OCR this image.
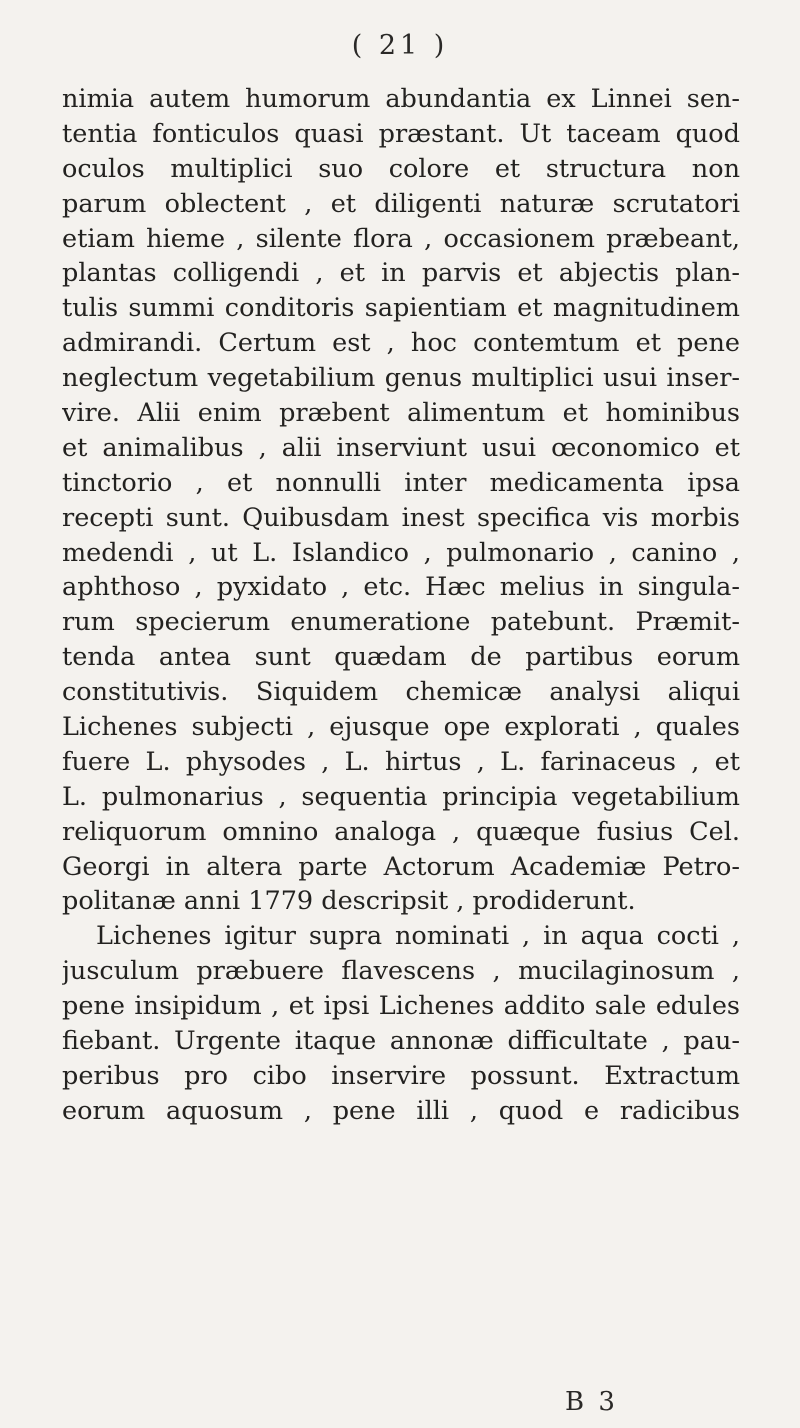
( 21 )
nimia autem humorum abundantia ex Linnei sen-
tentia fonticulos quasi præstant. Ut taceam quod
oculos multiplici suo colore et structura non
parum oblectent , et diligenti naturæ scrutatori
etiam hieme , silente flora , occasionem præbeant,
plantas colligendi , et in parvis et abjectis plan-
tulis summi conditoris sapientiam et magnitudinem
admirandi. Certum est , hoc contemtum et pene
neglectum vegetabilium genus multiplici usui inser-
vire. Alii enim præbent alimentum et hominibus
et animalibus , alii inserviunt usui œconomico et
tinctorio , et nonnulli inter medicamenta ipsa
recepti sunt. Quibusdam inest specifica vis morbis
medendi , ut L. Islandico , pulmonario , canino ,
aphthoso , pyxidato , etc. Hæc melius in singula-
rum specierum enumeratione patebunt. Præmit-
tenda antea sunt quædam de partibus eorum
constitutivis. Siquidem chemicæ analysi aliqui
Lichenes subjecti , ejusque ope explorati , quales
fuere L. physodes , L. hirtus , L. farinaceus , et
L. pulmonarius , sequentia principia vegetabilium
reliquorum omnino analoga , quæque fusius Cel.
Georgi in altera parte Actorum Academiæ Petro-
politanæ anni 1779 descripsit , prodiderunt.
Lichenes igitur supra nominati , in aqua cocti ,
jusculum præbuere flavescens , mucilaginosum ,
pene insipidum , et ipsi Lichenes addito sale edules
fiebant. Urgente itaque annonæ difficultate , pau-
peribus pro cibo inservire possunt. Extractum
eorum aquosum , pene illi , quod e radicibus
B 3
